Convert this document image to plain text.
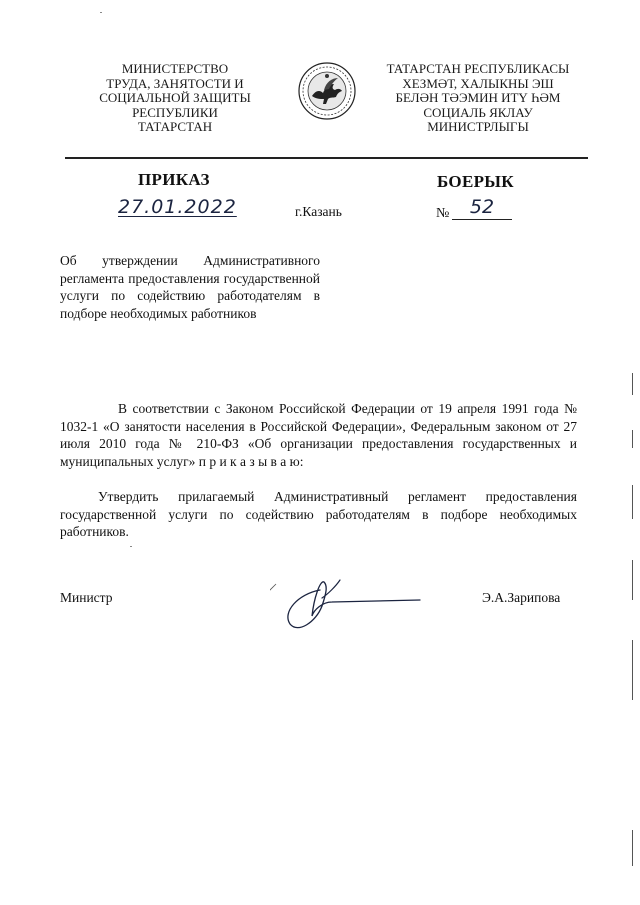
МИНИСТЕРСТВО
ТРУДА, ЗАНЯТОСТИ И
СОЦИАЛЬНОЙ ЗАЩИТЫ
РЕСПУБЛИКИ
ТАТАРСТАН
ТАТАРСТАН РЕСПУБЛИКАСЫ
ХЕЗМӘТ, ХАЛЫКНЫ ЭШ
БЕЛӘН ТӘЭМИН ИТҮ ҺӘМ
СОЦИАЛЬ ЯКЛАУ
МИНИСТРЛЫГЫ
ПРИКАЗ	БОЕРЫК
27.01.2022	г.Казань	№	52
Об утверждении Административного регламента предоставления государственной услуги по содействию работодателям в подборе необходимых работников
В соответствии с Законом Российской Федерации от 19 апреля 1991 года № 1032-1 «О занятости населения в Российской Федерации», Федеральным законом от 27 июля 2010 года № 210-ФЗ «Об организации предоставления государственных и муниципальных услуг» п р и к а з ы в а ю:
Утвердить прилагаемый Административный регламент предоставления государственной услуги по содействию работодателям в подборе необходимых работников.
Министр	Э.А.Зарипова
